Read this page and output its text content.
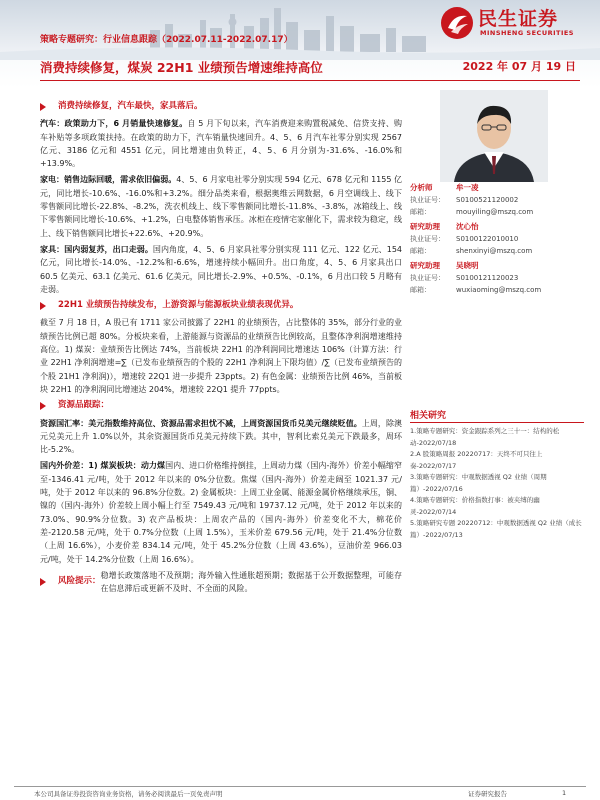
民生证券
MINSHENG SECURITIES
策略专题研究：行业信息跟踪（2022.07.11-2022.07.17）
消费持续修复，煤炭 22H1 业绩预告增速维持高位	2022 年 07 月 19 日
消费持续修复，汽车最快，家具落后。
汽车：政策助力下，6 月销量快速修复。自 5 月下旬以来，汽车消费迎来购置税减免、信贷支持、购车补贴等多项政策扶持。在政策的助力下，汽车销量快速回升。4、5、6 月汽车社零分别实现 2567 亿元、3186 亿元和 4551 亿元，同比增速由负转正，4、5、6 月分别为-31.6%、-16.0%和+13.9%。
家电：销售边际回暖，需求依旧偏弱。4、5、6 月家电社零分别实现 594 亿元、678 亿元和 1155 亿元，同比增长-10.6%、-16.0%和+3.2%。细分品类来看，根据奥维云网数据，6 月空调线上、线下零售额同比增长-22.8%、-8.2%，洗衣机线上、线下零售额同比增长-11.8%、-3.8%，冰箱线上、线下零售额同比增长-10.6%、+1.2%，白电整体销售承压。冰柜在疫情宅家催化下，需求较为稳定，线上、线下销售额同比增长+22.6%、+20.9%。
家具：国内弱复苏，出口走弱。国内角度，4、5、6 月家具社零分别实现 111 亿元、122 亿元、154 亿元，同比增长-14.0%、-12.2%和-6.6%，增速持续小幅回升。出口角度，4、5、6 月家具出口 60.5 亿美元、63.1 亿美元、61.6 亿美元，同比增长-2.9%、+0.5%、-0.1%，6 月出口较 5 月略有走弱。
22H1 业绩预告持续发布，上游资源与能源板块业绩表现优异。
截至 7 月 18 日，A 股已有 1711 家公司披露了 22H1 的业绩预告，占比整体的 35%，部分行业的业绩预告比例已超 80%。分板块来看，上游能源与资源品的业绩预告比例较高，且整体净利润增速维持高位。1) 煤炭：业绩预告比例达 74%，当前板块 22H1 的净利润同比增速达 106%（计算方法：行业 22H1 净利润增速=∑（已发布业绩预告的个股的 22H1 净利润上下限均值）/∑（已发布业绩预告的个股 21H1 净利润)），增速较 22Q1 进一步提升 23ppts。2) 有色金属：业绩预告比例 46%，当前板块 22H1 的净利润同比增速达 204%，增速较 22Q1 提升 77ppts。
资源品跟踪：
资源国汇率：美元指数维持高位、资源品需求担忧不减，上周资源国货币兑美元继续贬值。上周，除澳元兑美元上升 1.0%以外，其余资源国货币兑美元持续下跌。其中，智利比索兑美元下跌最多，周环比-5.2%。
国内外价差：1) 煤炭板块：动力煤国内、进口价格维持倒挂，上周动力煤（国内-海外）价差小幅缩窄至-1346.41 元/吨，处于 2012 年以来的 0%分位数。焦煤（国内-海外）价差走阔至 1021.37 元/吨，处于 2012 年以来的 96.8%分位数。2) 金属板块：上周工业金属、能源金属价格继续承压，铜、镍的（国内-海外）价差较上周小幅上行至 7549.43 元/吨和 19737.12 元/吨，处于 2012 年以来的 73.0%、90.9%分位数。3) 农产品板块：上周农产品的（国内-海外）价差变化不大，棉花价差-2120.58 元/吨，处于 0.7%分位数（上周 1.5%），玉米价差 679.56 元/吨，处于 21.4%分位数（上周 16.6%），小麦价差 834.14 元/吨，处于 45.2%分位数（上周 43.6%），豆油价差 966.03 元/吨，处于 14.2%分位数（上周 16.6%）。
风险提示：
稳增长政策落地不及预期；海外输入性通胀超预期；数据基于公开数据整理，可能存在信息滞后或更新不及时、不全面的风险。
分析师	牟一凌
执业证号：	S0100521120002
邮箱：	mouyiling@mszq.com
研究助理	沈心怡
执业证号：	S0100122010010
邮箱：	shenxinyi@mszq.com
研究助理	吴晓明
执业证号：	S0100121120023
邮箱：	wuxiaoming@mszq.com
相关研究
1.策略专题研究：资金跟踪系列之三十一：结构的松动-2022/07/18
2.A 股策略周报 20220717：天终不可只往上奏-2022/07/17
3.策略专题研究：中观数据透视 Q2 业绩（周期篇）-2022/07/16
4.策略专题研究：价格指数打事：被夹缚的幽灵-2022/07/14
5.策略研究专题 20220712：中观数据透视 Q2 业绩（成长篇）-2022/07/13
本公司具备证券投资咨询业务资格，请务必阅读最后一页免责声明	证券研究报告	1
